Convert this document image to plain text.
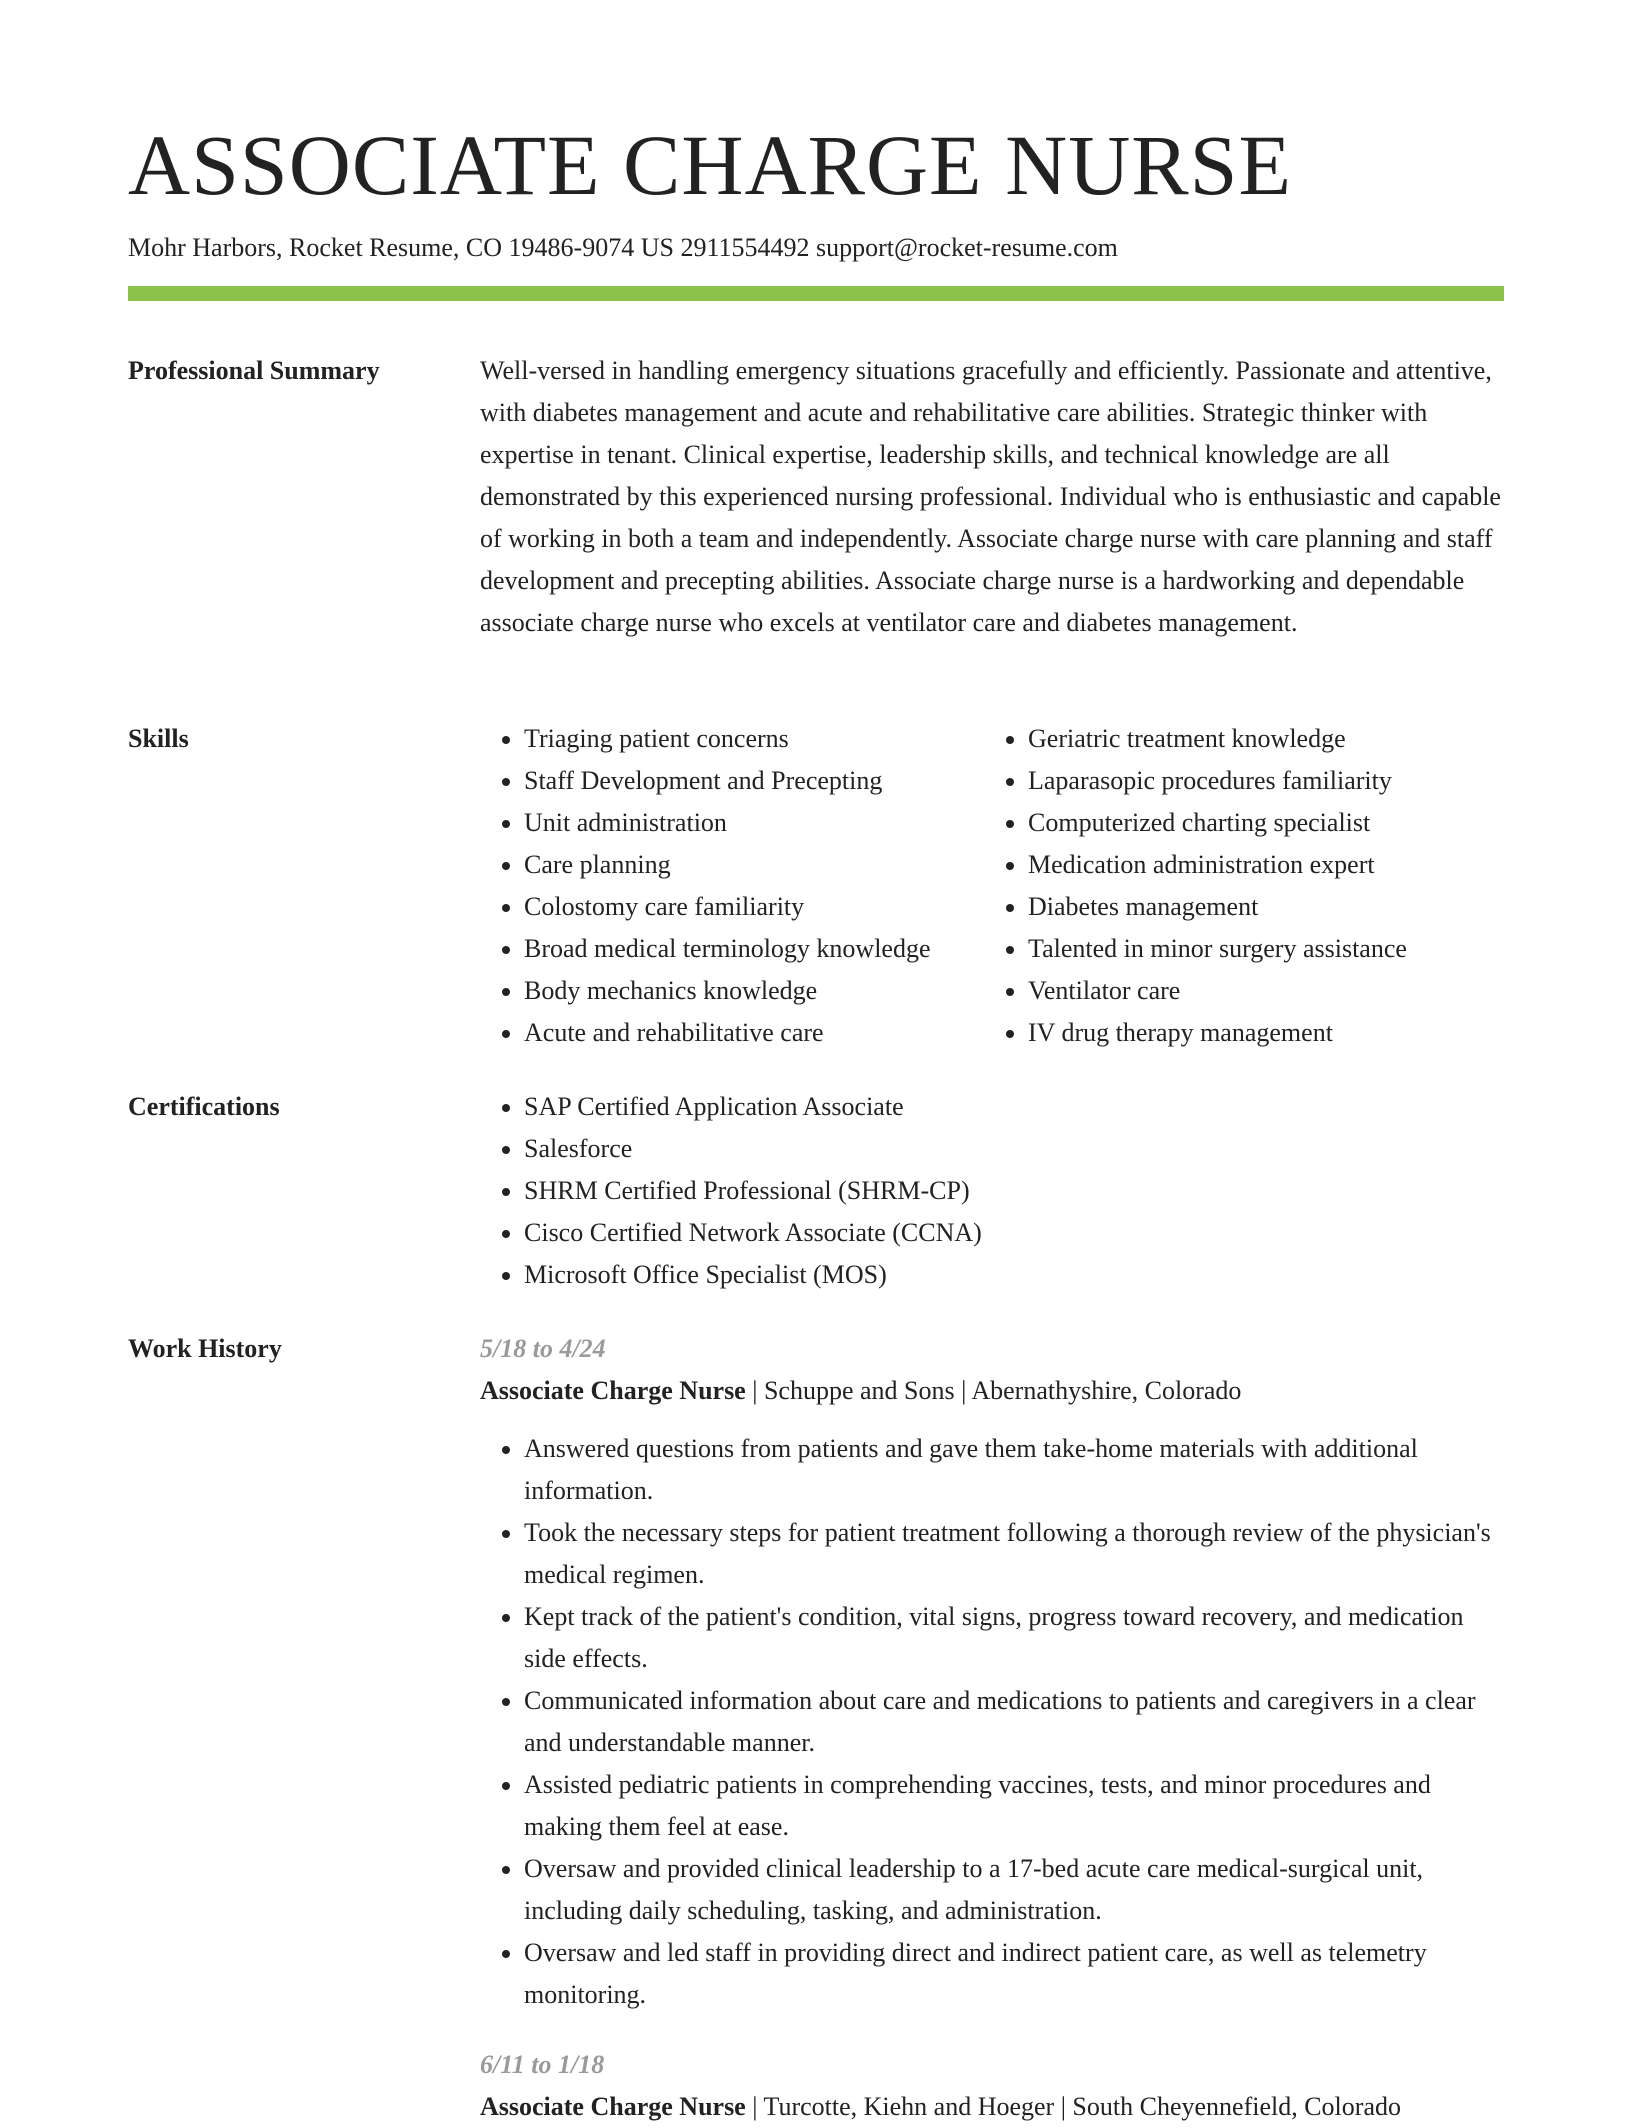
ASSOCIATE CHARGE NURSE
Mohr Harbors, Rocket Resume, CO 19486-9074 US 2911554492 support@rocket-resume.com
Professional Summary	Well-versed in handling emergency situations gracefully and efficiently. Passionate and attentive, with diabetes management and acute and rehabilitative care abilities. Strategic thinker with expertise in tenant. Clinical expertise, leadership skills, and technical knowledge are all demonstrated by this experienced nursing professional. Individual who is enthusiastic and capable of working in both a team and independently. Associate charge nurse with care planning and staff development and precepting abilities. Associate charge nurse is a hardworking and dependable associate charge nurse who excels at ventilator care and diabetes management.

Skills	• Triaging patient concerns
• Staff Development and Precepting
• Unit administration
• Care planning
• Colostomy care familiarity
• Broad medical terminology knowledge
• Body mechanics knowledge
• Acute and rehabilitative care
• Geriatric treatment knowledge
• Laparasopic procedures familiarity
• Computerized charting specialist
• Medication administration expert
• Diabetes management
• Talented in minor surgery assistance
• Ventilator care
• IV drug therapy management
Certifications	• SAP Certified Application Associate
• Salesforce
• SHRM Certified Professional (SHRM-CP)
• Cisco Certified Network Associate (CCNA)
• Microsoft Office Specialist (MOS)
Work History	5/18 to 4/24
Associate Charge Nurse | Schuppe and Sons | Abernathyshire, Colorado
• Answered questions from patients and gave them take-home materials with additional information.
• Took the necessary steps for patient treatment following a thorough review of the physician's medical regimen.
• Kept track of the patient's condition, vital signs, progress toward recovery, and medication side effects.
• Communicated information about care and medications to patients and caregivers in a clear and understandable manner.
• Assisted pediatric patients in comprehending vaccines, tests, and minor procedures and making them feel at ease.
• Oversaw and provided clinical leadership to a 17-bed acute care medical-surgical unit, including daily scheduling, tasking, and administration.
• Oversaw and led staff in providing direct and indirect patient care, as well as telemetry monitoring.
6/11 to 1/18
Associate Charge Nurse | Turcotte, Kiehn and Hoeger | South Cheyennefield, Colorado
